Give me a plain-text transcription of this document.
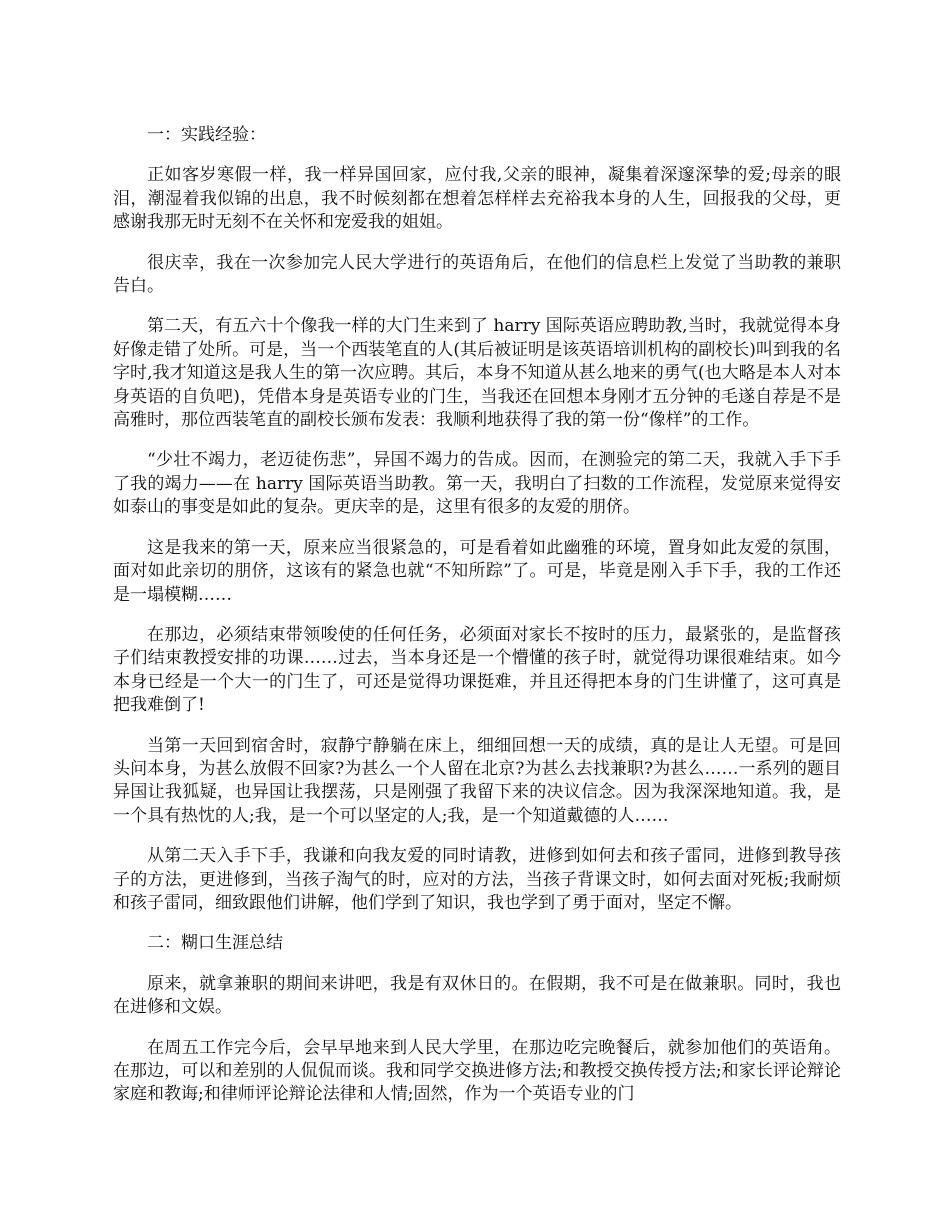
一：实践经验：

正如客岁寒假一样，我一样异国回家，应付我,父亲的眼神，凝集着深邃深挚的爱;母亲的眼泪，潮湿着我似锦的出息，我不时候刻都在想着怎样样去充裕我本身的人生，回报我的父母，更感谢我那无时无刻不在关怀和宠爱我的姐姐。

很庆幸，我在一次参加完人民大学进行的英语角后，在他们的信息栏上发觉了当助教的兼职告白。

第二天，有五六十个像我一样的大门生来到了 harry 国际英语应聘助教,当时，我就觉得本身好像走错了处所。可是，当一个西装笔直的人(其后被证明是该英语培训机构的副校长)叫到我的名字时,我才知道这是我人生的第一次应聘。其后，本身不知道从甚么地来的勇气(也大略是本人对本身英语的自负吧)，凭借本身是英语专业的门生，当我还在回想本身刚才五分钟的毛遂自荐是不是高雅时，那位西装笔直的副校长颁布发表：我顺利地获得了我的第一份“像样”的工作。

“少壮不竭力，老迈徒伤悲”，异国不竭力的告成。因而，在测验完的第二天，我就入手下手了我的竭力——在 harry 国际英语当助教。第一天，我明白了扫数的工作流程，发觉原来觉得安如泰山的事变是如此的复杂。更庆幸的是，这里有很多的友爱的朋侪。

这是我来的第一天，原来应当很紧急的，可是看着如此幽雅的环境，置身如此友爱的氛围，面对如此亲切的朋侪，这该有的紧急也就“不知所踪”了。可是，毕竟是刚入手下手，我的工作还是一塌模糊……

在那边，必须结束带领唆使的任何任务，必须面对家长不按时的压力，最紧张的，是监督孩子们结束教授安排的功课……过去，当本身还是一个懵懂的孩子时，就觉得功课很难结束。如今本身已经是一个大一的门生了，可还是觉得功课挺难，并且还得把本身的门生讲懂了，这可真是把我难倒了!

当第一天回到宿舍时，寂静宁静躺在床上，细细回想一天的成绩，真的是让人无望。可是回头问本身，为甚么放假不回家?为甚么一个人留在北京?为甚么去找兼职?为甚么……一系列的题目异国让我狐疑，也异国让我摆荡，只是刚强了我留下来的决议信念。因为我深深地知道。我，是一个具有热忱的人;我，是一个可以坚定的人;我，是一个知道戴德的人……

从第二天入手下手，我谦和向我友爱的同时请教，进修到如何去和孩子雷同，进修到教导孩子的方法，更进修到，当孩子淘气的时，应对的方法，当孩子背课文时，如何去面对死板;我耐烦和孩子雷同，细致跟他们讲解，他们学到了知识，我也学到了勇于面对，坚定不懈。

二：糊口生涯总结

原来，就拿兼职的期间来讲吧，我是有双休日的。在假期，我不可是在做兼职。同时，我也在进修和文娱。

在周五工作完今后，会早早地来到人民大学里，在那边吃完晚餐后，就参加他们的英语角。在那边，可以和差别的人侃侃而谈。我和同学交换进修方法;和教授交换传授方法;和家长评论辩论家庭和教诲;和律师评论辩论法律和人情;固然，作为一个英语专业的门
